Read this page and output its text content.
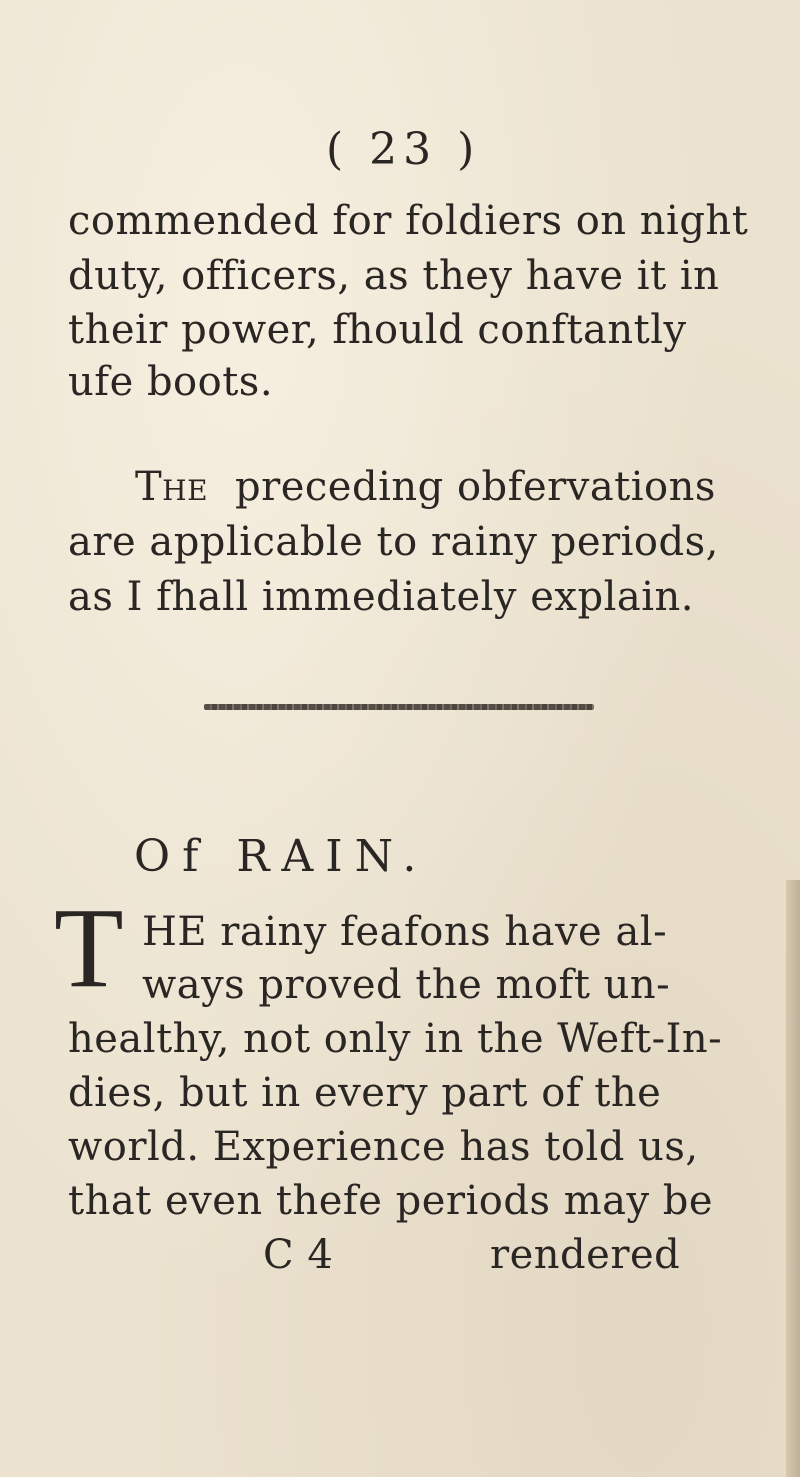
( 23 )
commended for foldiers on night
duty, officers, as they have it in
their power, fhould conftantly
ufe boots.
The preceding obfervations
are applicable to rainy periods,
as I fhall immediately explain.
Of RAIN.
T HE rainy feafons have al-
ways proved the moft un-
healthy, not only in the Weft-In-
dies, but in every part of the
world. Experience has told us,
that even thefe periods may be
C 4	rendered
